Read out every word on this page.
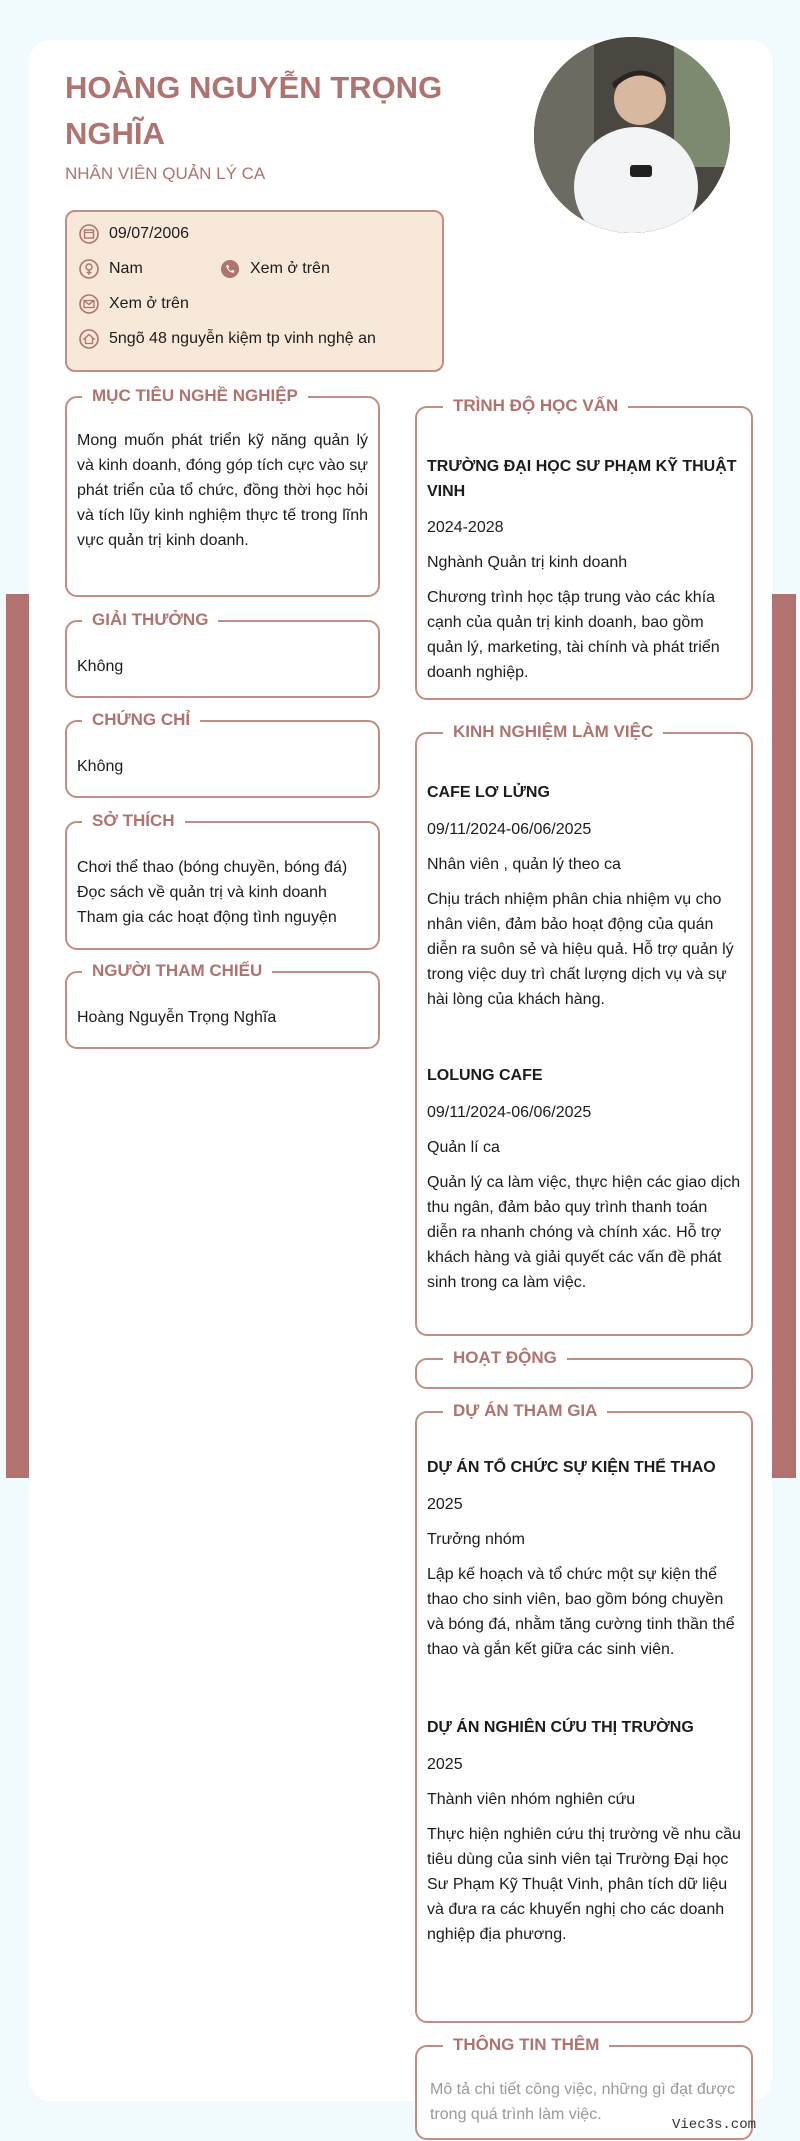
HOÀNG NGUYỄN TRỌNG NGHĨA
NHÂN VIÊN QUẢN LÝ CA
09/07/2006
Nam	Xem ở trên
Xem ở trên
5ngõ 48 nguyễn kiệm tp vinh nghệ an
MỤC TIÊU NGHỀ NGHIỆP
Mong muốn phát triển kỹ năng quản lý và kinh doanh, đóng góp tích cực vào sự phát triển của tổ chức, đồng thời học hỏi và tích lũy kinh nghiệm thực tế trong lĩnh vực quản trị kinh doanh.
GIẢI THƯỞNG
Không
CHỨNG CHỈ
Không
SỞ THÍCH
Chơi thể thao (bóng chuyền, bóng đá)
Đọc sách về quản trị và kinh doanh
Tham gia các hoạt động tình nguyện
NGƯỜI THAM CHIẾU
Hoàng Nguyễn Trọng Nghĩa
TRÌNH ĐỘ HỌC VẤN
TRƯỜNG ĐẠI HỌC SƯ PHẠM KỸ THUẬT VINH
2024-2028
Nghành Quản trị kinh doanh
Chương trình học tập trung vào các khía cạnh của quản trị kinh doanh, bao gồm quản lý, marketing, tài chính và phát triển doanh nghiệp.
KINH NGHIỆM LÀM VIỆC
CAFE LƠ LỬNG
09/11/2024-06/06/2025
Nhân viên , quản lý theo ca
Chịu trách nhiệm phân chia nhiệm vụ cho nhân viên, đảm bảo hoạt động của quán diễn ra suôn sẻ và hiệu quả. Hỗ trợ quản lý trong việc duy trì chất lượng dịch vụ và sự hài lòng của khách hàng.
LOLUNG CAFE
09/11/2024-06/06/2025
Quản lí ca
Quản lý ca làm việc, thực hiện các giao dịch thu ngân, đảm bảo quy trình thanh toán diễn ra nhanh chóng và chính xác. Hỗ trợ khách hàng và giải quyết các vấn đề phát sinh trong ca làm việc.
HOẠT ĐỘNG
DỰ ÁN THAM GIA
DỰ ÁN TỔ CHỨC SỰ KIỆN THỂ THAO
2025
Trưởng nhóm
Lập kế hoạch và tổ chức một sự kiện thể thao cho sinh viên, bao gồm bóng chuyền và bóng đá, nhằm tăng cường tinh thần thể thao và gắn kết giữa các sinh viên.
DỰ ÁN NGHIÊN CỨU THỊ TRƯỜNG
2025
Thành viên nhóm nghiên cứu
Thực hiện nghiên cứu thị trường về nhu cầu tiêu dùng của sinh viên tại Trường Đại học Sư Phạm Kỹ Thuật Vinh, phân tích dữ liệu và đưa ra các khuyến nghị cho các doanh nghiệp địa phương.
THÔNG TIN THÊM
Mô tả chi tiết công việc, những gì đạt được trong quá trình làm việc.
Viec3s.com
